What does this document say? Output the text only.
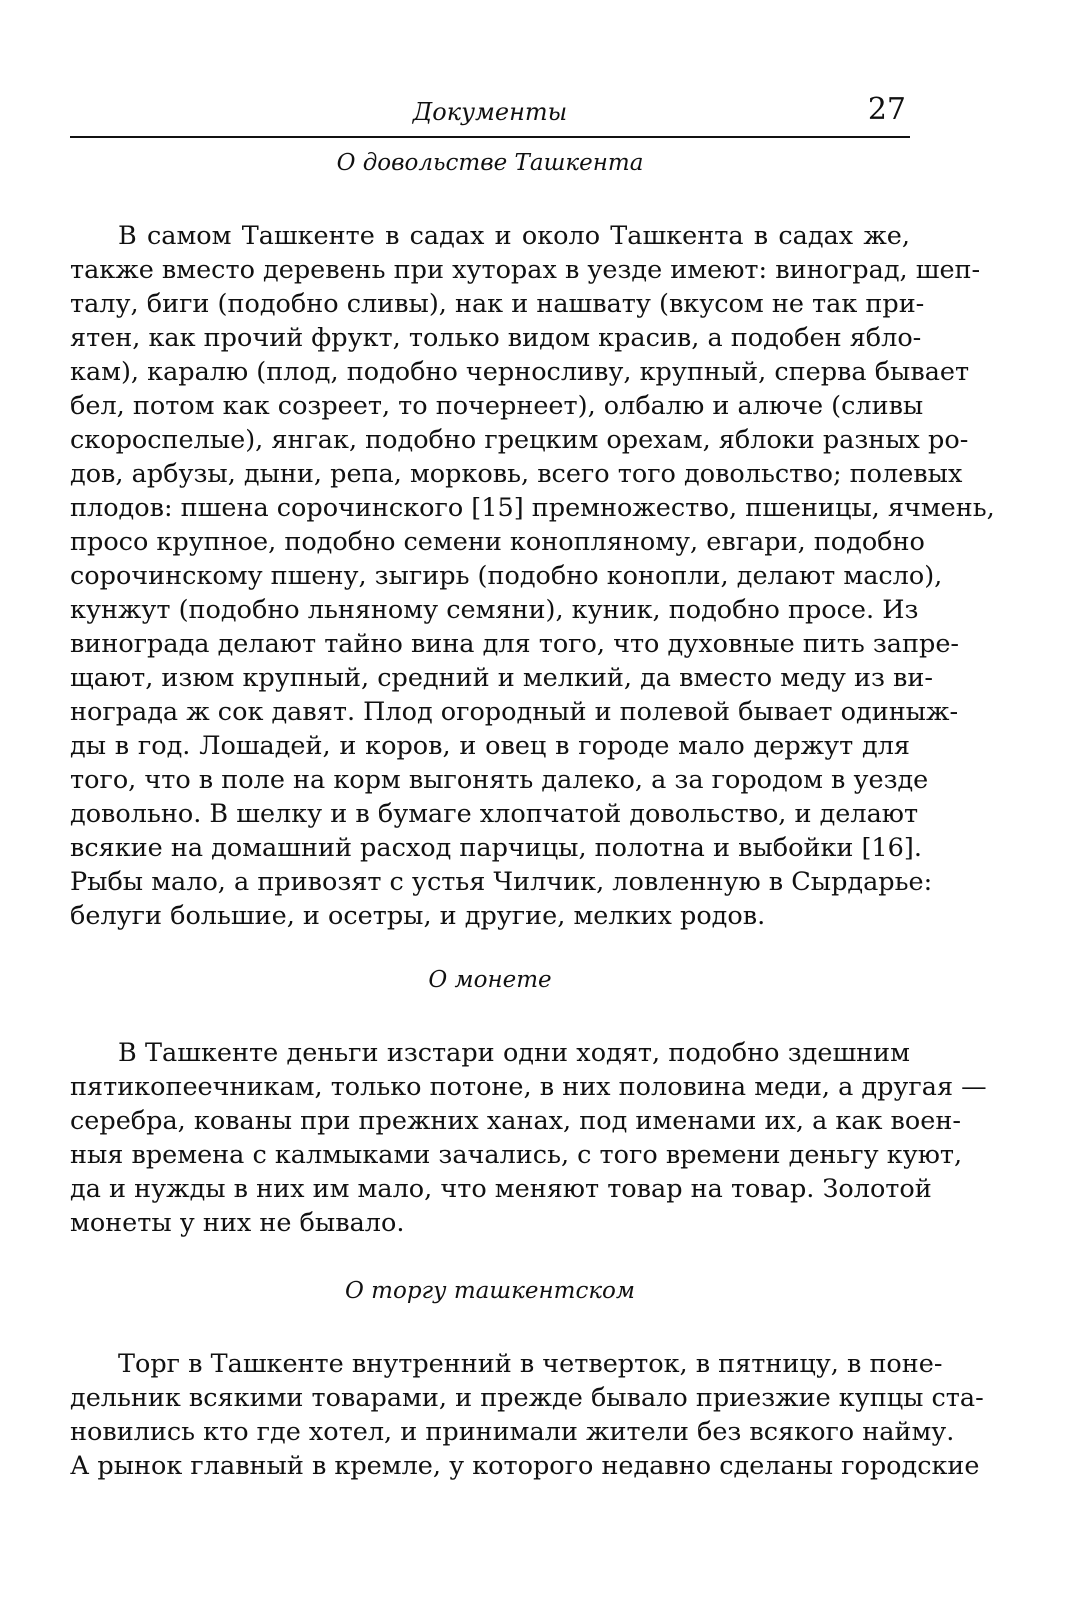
Документы	27

О довольстве Ташкента

В самом Ташкенте в садах и около Ташкента в садах же,
также вместо деревень при хуторах в уезде имеют: виноград, шеп-
талу, биги (подобно сливы), нак и нашвату (вкусом не так при-
ятен, как прочий фрукт, только видом красив, а подобен ябло-
кам), каралю (плод, подобно черносливу, крупный, сперва бывает
бел, потом как созреет, то почернеет), олбалю и алюче (сливы
скороспелые), янгак, подобно грецким орехам, яблоки разных ро-
дов, арбузы, дыни, репа, морковь, всего того довольство; полевых
плодов: пшена сорочинского [15] премножество, пшеницы, ячмень,
просо крупное, подобно семени конопляному, евгари, подобно
сорочинскому пшену, зыгирь (подобно конопли, делают масло),
кунжут (подобно льняному семяни), куник, подобно просе. Из
винограда делают тайно вина для того, что духовные пить запре-
щают, изюм крупный, средний и мелкий, да вместо меду из ви-
нограда ж сок давят. Плод огородный и полевой бывает одиныж-
ды в год. Лошадей, и коров, и овец в городе мало держут для
того, что в поле на корм выгонять далеко, а за городом в уезде
довольно. В шелку и в бумаге хлопчатой довольство, и делают
всякие на домашний расход парчицы, полотна и выбойки [16].
Рыбы мало, а привозят с устья Чилчик, ловленную в Сырдарье:
белуги большие, и осетры, и другие, мелких родов.

О монете

В Ташкенте деньги изстари одни ходят, подобно здешним
пятикопеечникам, только потоне, в них половина меди, а другая —
серебра, кованы при прежних ханах, под именами их, а как воен-
ныя времена с калмыками зачались, с того времени деньгу куют,
да и нужды в них им мало, что меняют товар на товар. Золотой
монеты у них не бывало.

О торгу ташкентском

Торг в Ташкенте внутренний в четверток, в пятницу, в поне-
дельник всякими товарами, и прежде бывало приезжие купцы ста-
новились кто где хотел, и принимали жители без всякого найму.
А рынок главный в кремле, у которого недавно сделаны городские
